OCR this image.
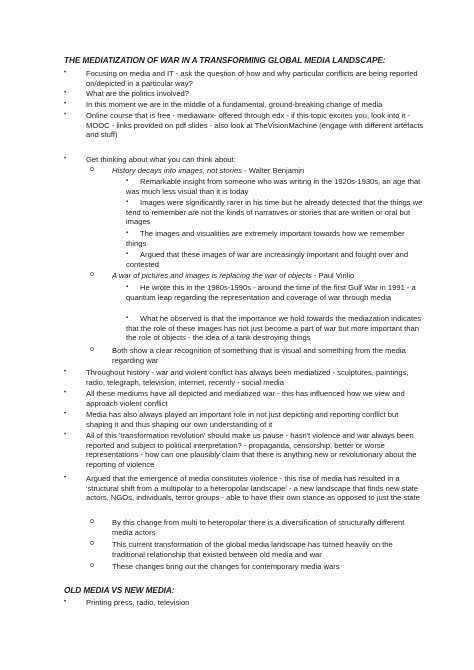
THE MEDIATIZATION OF WAR IN A TRANSFORMING GLOBAL MEDIA LANDSCAPE:
•	Focusing on media and IT - ask the question of how and why particular conflicts are being reported on/depicted in a particular way?
•	What are the politics involved?
•	In this moment we are in the middle of a fundamental, ground-breaking change of media
•	Online course that is free - mediawarx- offered through edx - if this topic excites you, look into it - MOOC - links provided on pdf slides - also look at TheVisionMachine (engage with different artefacts and stuff)
•	Get thinking about what you can think about:
o	History decays into images, not stories - Walter Benjamin
▪	Remarkable insight from someone who was writing in the 1920s-1930s, an age that was much less visual than it is today
▪	Images were significantly rarer in his time but he already detected that the things we tend to remember are not the kinds of narratives or stories that are written or oral but images
▪	The images and visualities are extremely important towards how we remember things
▪	Argued that these images of war are increasingly important and fought over and contested
o	A war of pictures and images is replacing the war of objects - Paul Virilio
▪	He wrote this in the 1980s-1990s - around the time of the first Gulf War in 1991 - a quantum leap regarding the representation and coverage of war through media
▪	What he observed is that the importance we hold towards the mediazation indicates that the role of these images has not just become a part of war but more important than the role of objects - the idea of a tank destroying things
o	Both show a clear recognition of something that is visual and something from the media regarding war
•	Throughout history - war and violent conflict has always been mediatized - sculptures, paintings, radio, telegraph, television, internet, recently - social media
•	All these mediums have all depicted and mediatized war - this has influenced how we view and approach violent conflict
•	Media has also always played an important role in not just depicting and reporting conflict but shaping it and thus shaping our own understanding of it
•	All of this 'transformation revolution' should make us pause - hasn't violence and war always been reported and subject to political interpretation? - propaganda, censorship, better or worse representations - how can one plausibly claim that there is anything new or revolutionary about the reporting of violence
•	Argued that the emergence of media constitutes violence - this rise of media has resulted in a 'structural shift from a multipolar to a heteropolar landscape' - a new landscape that finds new state actors, NGOs, individuals, terror groups - able to have their own stance as opposed to just the state
o	By this change from multi to heteropolar there is a diversification of structurally different media actors
o	This current transformation of the global media landscape has turned heavily on the traditional relationship that existed between old media and war
o	These changes bring out the changes for contemporary media wars
OLD MEDIA VS NEW MEDIA:
•	Printing press, radio, television
